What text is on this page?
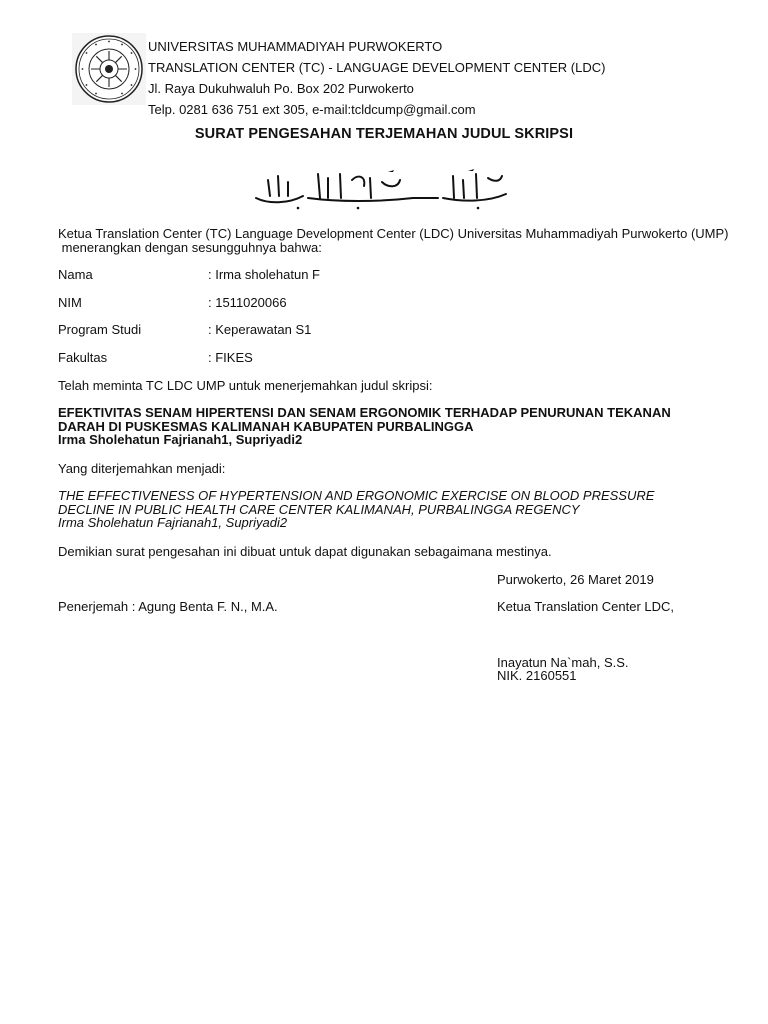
UNIVERSITAS MUHAMMADIYAH PURWOKERTO
TRANSLATION CENTER (TC) - LANGUAGE DEVELOPMENT CENTER (LDC)
Jl. Raya Dukuhwaluh Po. Box 202 Purwokerto
Telp. 0281 636 751 ext 305, e-mail:tcldcump@gmail.com
SURAT PENGESAHAN TERJEMAHAN JUDUL SKRIPSI
Ketua Translation Center (TC) Language Development Center (LDC) Universitas Muhammadiyah Purwokerto (UMP)
menerangkan dengan sesungguhnya bahwa:
Nama	: Irma sholehatun F
NIM	: 1511020066
Program Studi	: Keperawatan S1
Fakultas	: FIKES
Telah meminta TC LDC UMP untuk menerjemahkan judul skripsi:
EFEKTIVITAS SENAM HIPERTENSI DAN SENAM ERGONOMIK TERHADAP PENURUNAN TEKANAN
DARAH DI PUSKESMAS KALIMANAH KABUPATEN PURBALINGGA
Irma Sholehatun Fajrianah1, Supriyadi2
Yang diterjemahkan menjadi:
THE EFFECTIVENESS OF HYPERTENSION AND ERGONOMIC EXERCISE ON BLOOD PRESSURE
DECLINE IN PUBLIC HEALTH CARE CENTER KALIMANAH, PURBALINGGA REGENCY
Irma Sholehatun Fajrianah1, Supriyadi2
Demikian surat pengesahan ini dibuat untuk dapat digunakan sebagaimana mestinya.
Purwokerto, 26 Maret 2019
Penerjemah : Agung Benta F. N., M.A.	Ketua Translation Center LDC,
Inayatun Na`mah, S.S.
NIK. 2160551
